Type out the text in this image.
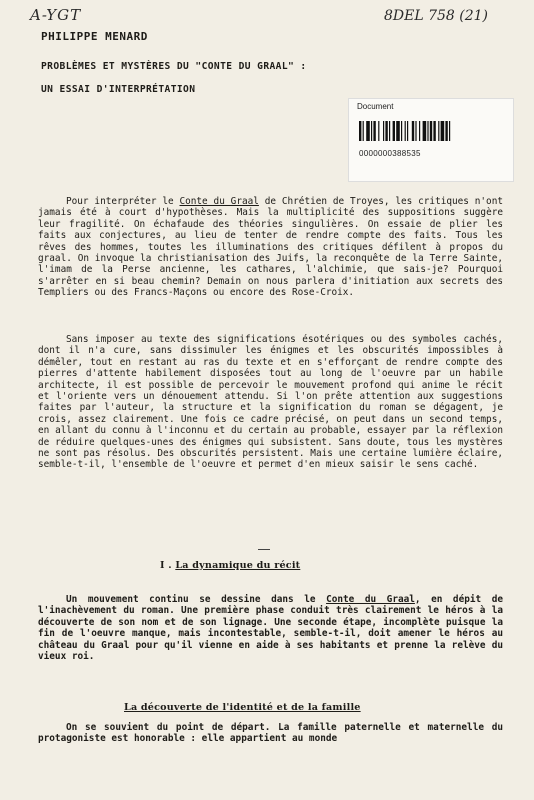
A-YGT	8DEL 758 (21)
PHILIPPE MENARD
PROBLÈMES ET MYSTÈRES DU "CONTE DU GRAAL" :
UN ESSAI D'INTERPRÉTATION
Document
0000000388535

Pour interpréter le Conte du Graal de Chrétien de Troyes, les critiques n'ont jamais été à court d'hypothèses. Mais la multiplicité des suppositions suggère leur fragilité. On échafaude des théories singulières. On essaie de plier les faits aux conjectures, au lieu de tenter de rendre compte des faits. Tous les rêves des hommes, toutes les illuminations des critiques défilent à propos du graal. On invoque la christianisation des Juifs, la reconquête de la Terre Sainte, l'imam de la Perse ancienne, les cathares, l'alchimie, que sais-je? Pourquoi s'arrêter en si beau chemin? Demain on nous parlera d'initiation aux secrets des Templiers ou des Francs-Maçons ou encore des Rose-Croix.

Sans imposer au texte des significations ésotériques ou des symboles cachés, dont il n'a cure, sans dissimuler les énigmes et les obscurités impossibles à démêler, tout en restant au ras du texte et en s'efforçant de rendre compte des pierres d'attente habilement disposées tout au long de l'oeuvre par un habile architecte, il est possible de percevoir le mouvement profond qui anime le récit et l'oriente vers un dénouement attendu. Si l'on prête attention aux suggestions faites par l'auteur, la structure et la signification du roman se dégagent, je crois, assez clairement. Une fois ce cadre précisé, on peut dans un second temps, en allant du connu à l'inconnu et du certain au probable, essayer par la réflexion de réduire quelques-unes des énigmes qui subsistent. Sans doute, tous les mystères ne sont pas résolus. Des obscurités persistent. Mais une certaine lumière éclaire, semble-t-il, l'ensemble de l'oeuvre et permet d'en mieux saisir le sens caché.

I . La dynamique du récit

Un mouvement continu se dessine dans le Conte du Graal, en dépit de l'inachèvement du roman. Une première phase conduit très clairement le héros à la découverte de son nom et de son lignage. Une seconde étape, incomplète puisque la fin de l'oeuvre manque, mais incontestable, semble-t-il, doit amener le héros au château du Graal pour qu'il vienne en aide à ses habitants et prenne la relève du vieux roi.

La découverte de l'identité et de la famille

On se souvient du point de départ. La famille paternelle et maternelle du protagoniste est honorable : elle appartient au monde
